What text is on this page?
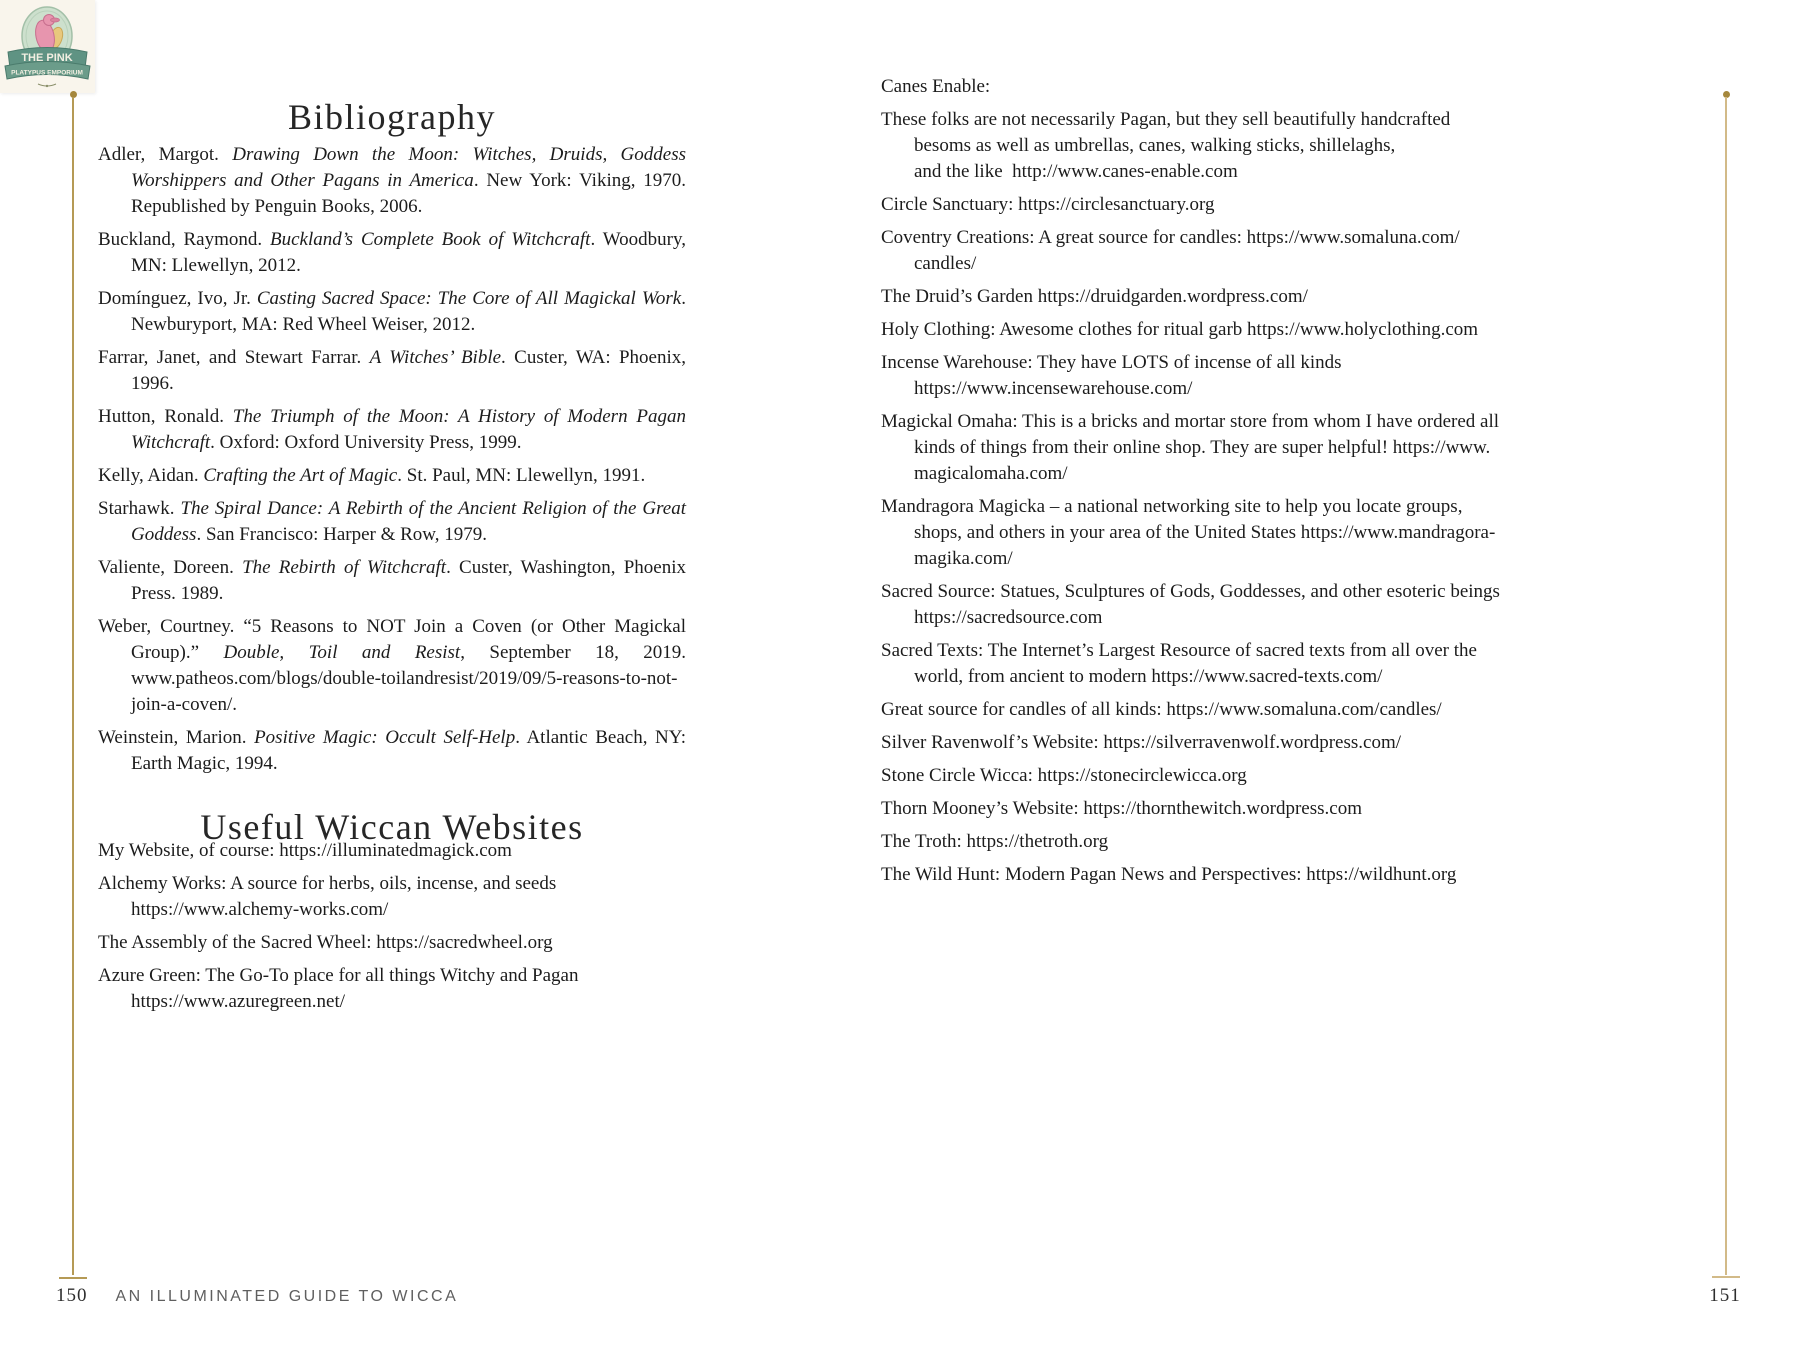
THE PINK
PLATYPUS EMPORIUM
Bibliography

Adler, Margot. Drawing Down the Moon: Witches, Druids, Goddess Worshippers and Other Pagans in America. New York: Viking, 1970. Republished by Penguin Books, 2006.

Buckland, Raymond. Buckland’s Complete Book of Witchcraft. Woodbury, MN: Llewellyn, 2012.

Domínguez, Ivo, Jr. Casting Sacred Space: The Core of All Magickal Work. Newburyport, MA: Red Wheel Weiser, 2012.

Farrar, Janet, and Stewart Farrar. A Witches’ Bible. Custer, WA: Phoenix, 1996.

Hutton, Ronald. The Triumph of the Moon: A History of Modern Pagan Witchcraft. Oxford: Oxford University Press, 1999.

Kelly, Aidan. Crafting the Art of Magic. St. Paul, MN: Llewellyn, 1991.

Starhawk. The Spiral Dance: A Rebirth of the Ancient Religion of the Great Goddess. San Francisco: Harper & Row, 1979.

Valiente, Doreen. The Rebirth of Witchcraft. Custer, Washington, Phoenix Press. 1989.

Weber, Courtney. “5 Reasons to NOT Join a Coven (or Other Magickal Group).” Double, Toil and Resist, September 18, 2019. www.patheos.com/blogs/double-toilandresist/2019/09/5-reasons-to-not-join-a-coven/.

Weinstein, Marion. Positive Magic: Occult Self-Help. Atlantic Beach, NY: Earth Magic, 1994.

Useful Wiccan Websites
My Website, of course: https://illuminatedmagick.com
Alchemy Works: A source for herbs, oils, incense, and seeds
https://www.alchemy-works.com/
The Assembly of the Sacred Wheel: https://sacredwheel.org
Azure Green: The Go-To place for all things Witchy and Pagan
https://www.azuregreen.net/
150 AN ILLUMINATED GUIDE TO WICCA
Canes Enable:
These folks are not necessarily Pagan, but they sell beautifully handcrafted
besoms as well as umbrellas, canes, walking sticks, shillelaghs,
and the like  http://www.canes-enable.com
Circle Sanctuary: https://circlesanctuary.org
Coventry Creations: A great source for candles: https://www.somaluna.com/
candles/
The Druid’s Garden https://druidgarden.wordpress.com/
Holy Clothing: Awesome clothes for ritual garb https://www.holyclothing.com
Incense Warehouse: They have LOTS of incense of all kinds
https://www.incensewarehouse.com/
Magickal Omaha: This is a bricks and mortar store from whom I have ordered all
kinds of things from their online shop. They are super helpful! https://www.
magicalomaha.com/
Mandragora Magicka – a national networking site to help you locate groups,
shops, and others in your area of the United States https://www.mandragora-
magika.com/
Sacred Source: Statues, Sculptures of Gods, Goddesses, and other esoteric beings
https://sacredsource.com
Sacred Texts: The Internet’s Largest Resource of sacred texts from all over the
world, from ancient to modern https://www.sacred-texts.com/
Great source for candles of all kinds: https://www.somaluna.com/candles/
Silver Ravenwolf’s Website: https://silverravenwolf.wordpress.com/
Stone Circle Wicca: https://stonecirclewicca.org
Thorn Mooney’s Website: https://thornthewitch.wordpress.com
The Troth: https://thetroth.org
The Wild Hunt: Modern Pagan News and Perspectives: https://wildhunt.org
151
